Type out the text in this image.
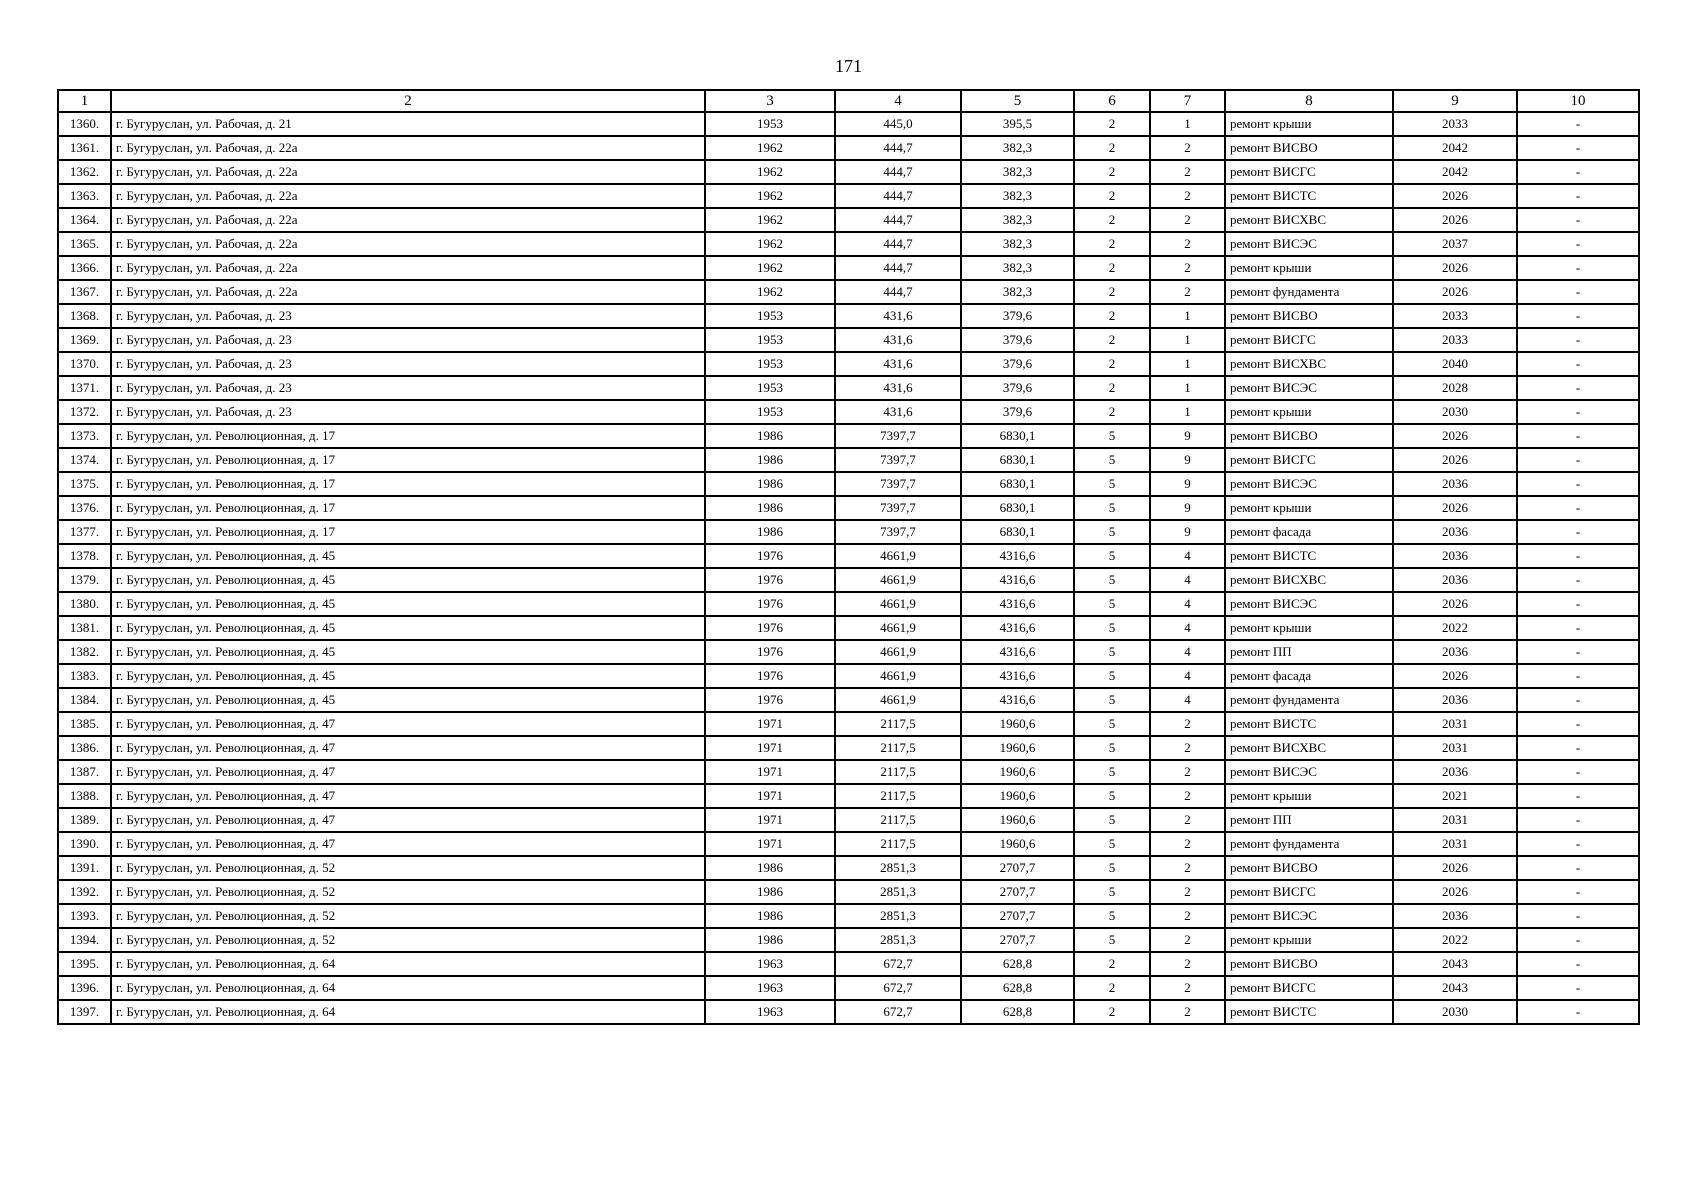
171
1	2	3	4	5	6	7	8	9	10
1360.	г. Бугуруслан, ул. Рабочая, д. 21	1953	445,0	395,5	2	1	ремонт крыши	2033	-
1361.	г. Бугуруслан, ул. Рабочая, д. 22а	1962	444,7	382,3	2	2	ремонт ВИСВО	2042	-
1362.	г. Бугуруслан, ул. Рабочая, д. 22а	1962	444,7	382,3	2	2	ремонт ВИСГС	2042	-
1363.	г. Бугуруслан, ул. Рабочая, д. 22а	1962	444,7	382,3	2	2	ремонт ВИСТС	2026	-
1364.	г. Бугуруслан, ул. Рабочая, д. 22а	1962	444,7	382,3	2	2	ремонт ВИСХВС	2026	-
1365.	г. Бугуруслан, ул. Рабочая, д. 22а	1962	444,7	382,3	2	2	ремонт ВИСЭС	2037	-
1366.	г. Бугуруслан, ул. Рабочая, д. 22а	1962	444,7	382,3	2	2	ремонт крыши	2026	-
1367.	г. Бугуруслан, ул. Рабочая, д. 22а	1962	444,7	382,3	2	2	ремонт фундамента	2026	-
1368.	г. Бугуруслан, ул. Рабочая, д. 23	1953	431,6	379,6	2	1	ремонт ВИСВО	2033	-
1369.	г. Бугуруслан, ул. Рабочая, д. 23	1953	431,6	379,6	2	1	ремонт ВИСГС	2033	-
1370.	г. Бугуруслан, ул. Рабочая, д. 23	1953	431,6	379,6	2	1	ремонт ВИСХВС	2040	-
1371.	г. Бугуруслан, ул. Рабочая, д. 23	1953	431,6	379,6	2	1	ремонт ВИСЭС	2028	-
1372.	г. Бугуруслан, ул. Рабочая, д. 23	1953	431,6	379,6	2	1	ремонт крыши	2030	-
1373.	г. Бугуруслан, ул. Революционная, д. 17	1986	7397,7	6830,1	5	9	ремонт ВИСВО	2026	-
1374.	г. Бугуруслан, ул. Революционная, д. 17	1986	7397,7	6830,1	5	9	ремонт ВИСГС	2026	-
1375.	г. Бугуруслан, ул. Революционная, д. 17	1986	7397,7	6830,1	5	9	ремонт ВИСЭС	2036	-
1376.	г. Бугуруслан, ул. Революционная, д. 17	1986	7397,7	6830,1	5	9	ремонт крыши	2026	-
1377.	г. Бугуруслан, ул. Революционная, д. 17	1986	7397,7	6830,1	5	9	ремонт фасада	2036	-
1378.	г. Бугуруслан, ул. Революционная, д. 45	1976	4661,9	4316,6	5	4	ремонт ВИСТС	2036	-
1379.	г. Бугуруслан, ул. Революционная, д. 45	1976	4661,9	4316,6	5	4	ремонт ВИСХВС	2036	-
1380.	г. Бугуруслан, ул. Революционная, д. 45	1976	4661,9	4316,6	5	4	ремонт ВИСЭС	2026	-
1381.	г. Бугуруслан, ул. Революционная, д. 45	1976	4661,9	4316,6	5	4	ремонт крыши	2022	-
1382.	г. Бугуруслан, ул. Революционная, д. 45	1976	4661,9	4316,6	5	4	ремонт ПП	2036	-
1383.	г. Бугуруслан, ул. Революционная, д. 45	1976	4661,9	4316,6	5	4	ремонт фасада	2026	-
1384.	г. Бугуруслан, ул. Революционная, д. 45	1976	4661,9	4316,6	5	4	ремонт фундамента	2036	-
1385.	г. Бугуруслан, ул. Революционная, д. 47	1971	2117,5	1960,6	5	2	ремонт ВИСТС	2031	-
1386.	г. Бугуруслан, ул. Революционная, д. 47	1971	2117,5	1960,6	5	2	ремонт ВИСХВС	2031	-
1387.	г. Бугуруслан, ул. Революционная, д. 47	1971	2117,5	1960,6	5	2	ремонт ВИСЭС	2036	-
1388.	г. Бугуруслан, ул. Революционная, д. 47	1971	2117,5	1960,6	5	2	ремонт крыши	2021	-
1389.	г. Бугуруслан, ул. Революционная, д. 47	1971	2117,5	1960,6	5	2	ремонт ПП	2031	-
1390.	г. Бугуруслан, ул. Революционная, д. 47	1971	2117,5	1960,6	5	2	ремонт фундамента	2031	-
1391.	г. Бугуруслан, ул. Революционная, д. 52	1986	2851,3	2707,7	5	2	ремонт ВИСВО	2026	-
1392.	г. Бугуруслан, ул. Революционная, д. 52	1986	2851,3	2707,7	5	2	ремонт ВИСГС	2026	-
1393.	г. Бугуруслан, ул. Революционная, д. 52	1986	2851,3	2707,7	5	2	ремонт ВИСЭС	2036	-
1394.	г. Бугуруслан, ул. Революционная, д. 52	1986	2851,3	2707,7	5	2	ремонт крыши	2022	-
1395.	г. Бугуруслан, ул. Революционная, д. 64	1963	672,7	628,8	2	2	ремонт ВИСВО	2043	-
1396.	г. Бугуруслан, ул. Революционная, д. 64	1963	672,7	628,8	2	2	ремонт ВИСГС	2043	-
1397.	г. Бугуруслан, ул. Революционная, д. 64	1963	672,7	628,8	2	2	ремонт ВИСТС	2030	-
